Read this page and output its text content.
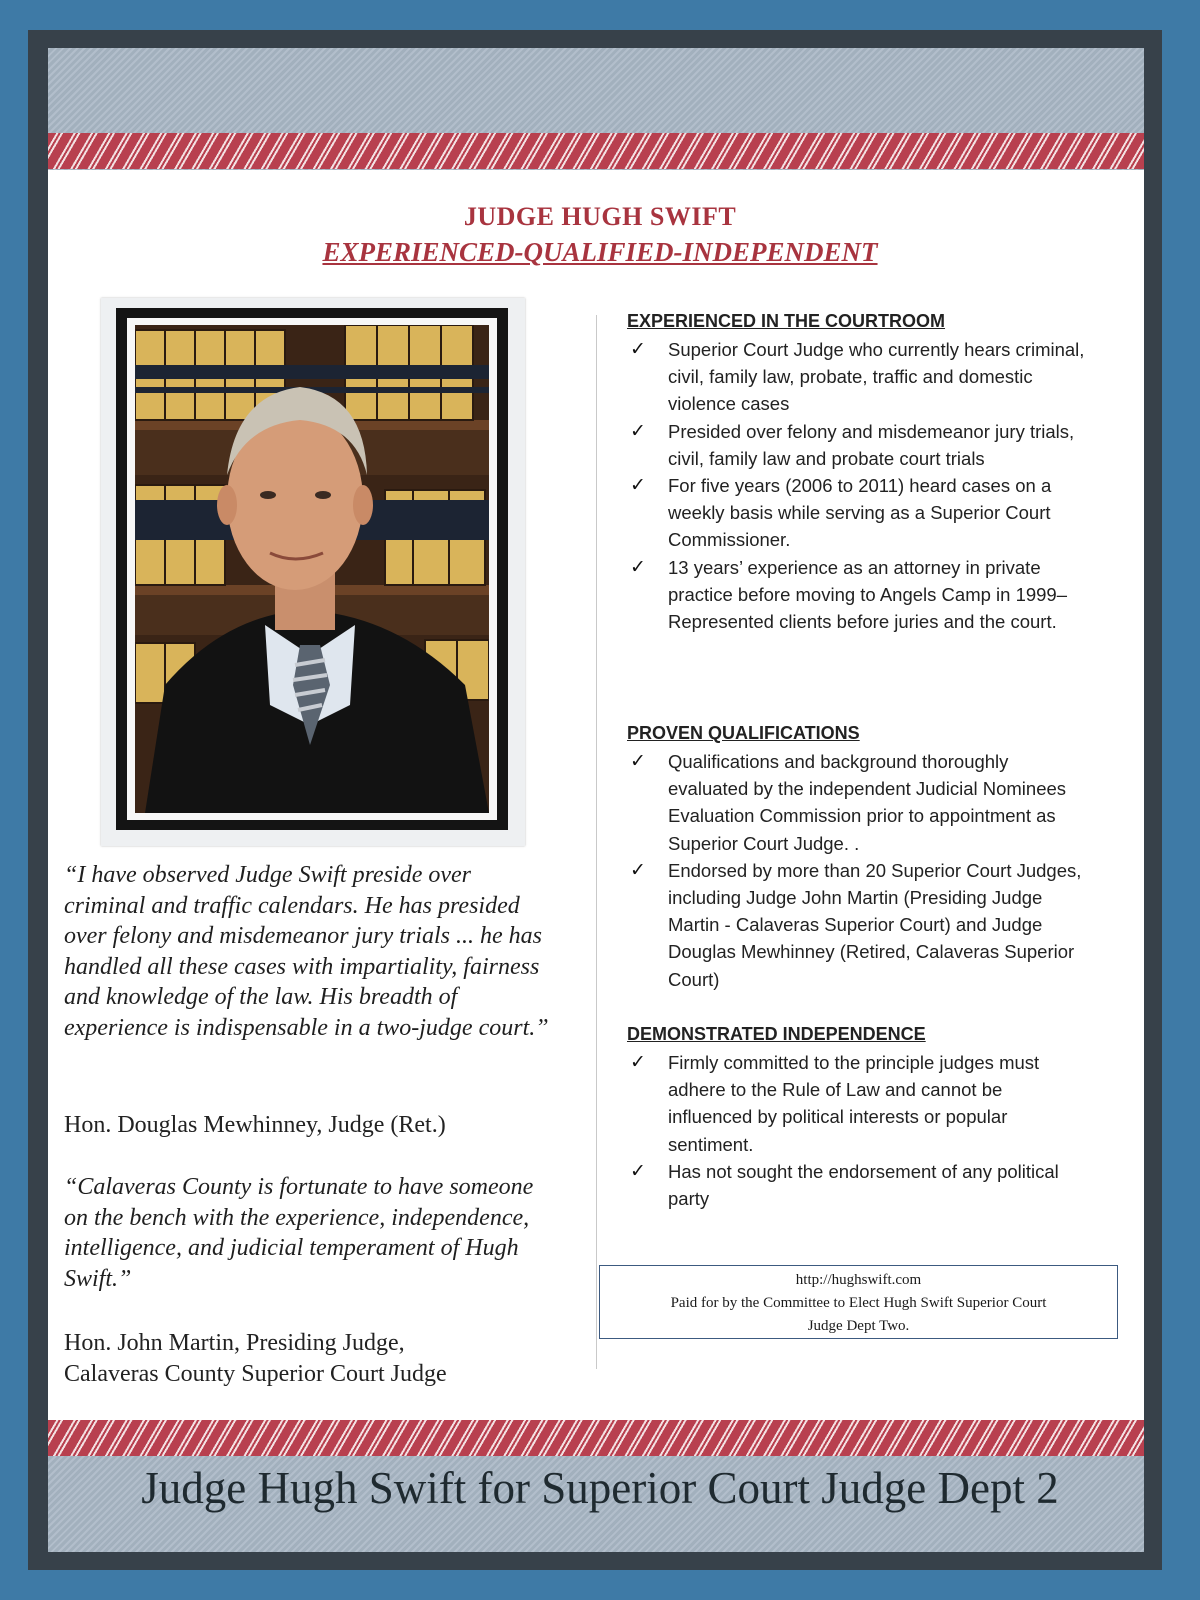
JUDGE HUGH SWIFT
EXPERIENCED-QUALIFIED-INDEPENDENT
“I have observed Judge Swift preside over criminal and traffic calendars. He has presided over felony and misdemeanor jury trials ... he has handled all these cases with impartiality, fairness and knowledge of the law. His breadth of experience is indispensable in a two-judge court.”
Hon. Douglas Mewhinney, Judge (Ret.)
“Calaveras County is fortunate to have someone on the bench with the experience, independence, intelligence, and judicial temperament of Hugh Swift.”
Hon. John Martin, Presiding Judge,
Calaveras County Superior Court Judge
EXPERIENCED IN THE COURTROOM
✓ Superior Court Judge who currently hears criminal, civil, family law, probate, traffic and domestic violence cases
✓ Presided over felony and misdemeanor jury trials, civil, family law and probate court trials
✓ For five years (2006 to 2011) heard cases on a weekly basis while serving as a Superior Court Commissioner.
✓ 13 years’ experience as an attorney in private practice before moving to Angels Camp in 1999– Represented clients before juries and the court.
PROVEN QUALIFICATIONS
✓ Qualifications and background thoroughly evaluated by the independent Judicial Nominees Evaluation Commission prior to appointment as Superior Court Judge. .
✓ Endorsed by more than 20 Superior Court Judges, including Judge John Martin (Presiding Judge Martin - Calaveras Superior Court) and Judge Douglas Mewhinney (Retired, Calaveras Superior Court)
DEMONSTRATED INDEPENDENCE
✓ Firmly committed to the principle judges must adhere to the Rule of Law and cannot be influenced by political interests or popular sentiment.
✓ Has not sought the endorsement of any political party
http://hughswift.com
Paid for by the Committee to Elect Hugh Swift Superior Court
Judge Dept Two.
Judge Hugh Swift for Superior Court Judge Dept 2
